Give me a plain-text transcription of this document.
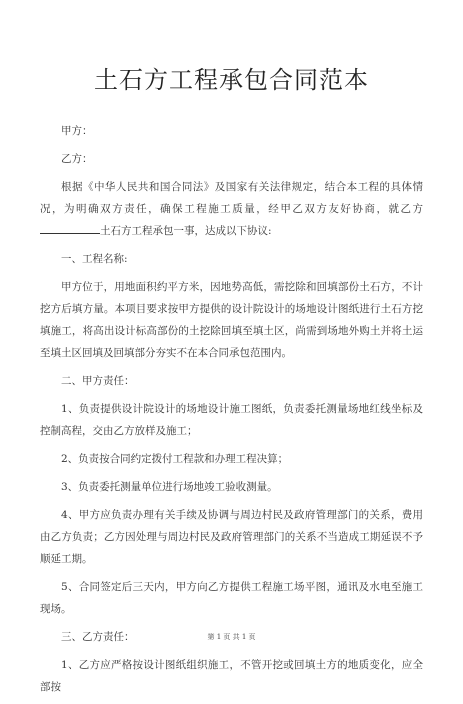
土石方工程承包合同范本

甲方：

乙方：

根据《中华人民共和国合同法》及国家有关法律规定，结合本工程的具体情况，为明确双方责任，确保工程施工质量，经甲乙双方友好协商，就乙方土石方工程承包一事，达成以下协议:

一、工程名称:

甲方位于，用地面积约平方米，因地势高低，需挖除和回填部份土石方，不计挖方后填方量。本项目要求按甲方提供的设计院设计的场地设计图纸进行土石方挖填施工，将高出设计标高部份的土挖除回填至填土区，尚需到场地外购土并将土运至填土区回填及回填部分夯实不在本合同承包范围内。

二、甲方责任：

1、负责提供设计院设计的场地设计施工图纸，负责委托测量场地红线坐标及控制高程，交由乙方放样及施工；

2、负责按合同约定拨付工程款和办理工程决算；

3、负责委托测量单位进行场地竣工验收测量。

4、甲方应负责办理有关手续及协调与周边村民及政府管理部门的关系，费用由乙方负责；乙方因处理与周边村民及政府管理部门的关系不当造成工期延误不予顺延工期。

5、合同签定后三天内，甲方向乙方提供工程施工场平图，通讯及水电至施工现场。

三、乙方责任：

1、乙方应严格按设计图纸组织施工，不管开挖或回填土方的地质变化，应全部按

第 1 页 共 1 页
